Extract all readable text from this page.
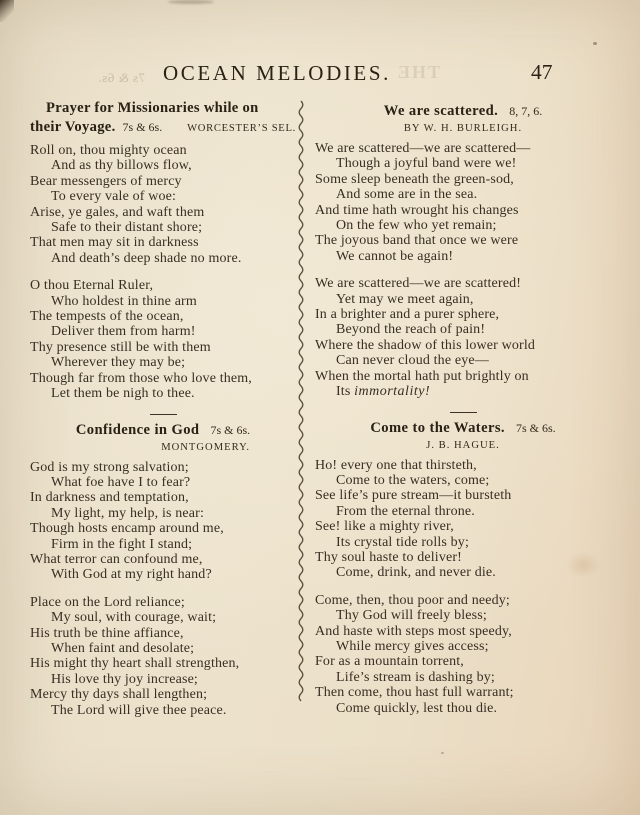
7s & 6s.	THE
OCEAN MELODIES.	47
Prayer for Missionaries while on
their Voyage. 7s & 6s. WORCESTER’S SEL.
Roll on, thou mighty ocean
And as thy billows flow,
Bear messengers of mercy
To every vale of woe:
Arise, ye gales, and waft them
Safe to their distant shore;
That men may sit in darkness
And death’s deep shade no more.
O thou Eternal Ruler,
Who holdest in thine arm
The tempests of the ocean,
Deliver them from harm!
Thy presence still be with them
Wherever they may be;
Though far from those who love them,
Let them be nigh to thee.
Confidence in God 7s & 6s.
MONTGOMERY.
God is my strong salvation;
What foe have I to fear?
In darkness and temptation,
My light, my help, is near:
Though hosts encamp around me,
Firm in the fight I stand;
What terror can confound me,
With God at my right hand?
Place on the Lord reliance;
My soul, with courage, wait;
His truth be thine affiance,
When faint and desolate;
His might thy heart shall strengthen,
His love thy joy increase;
Mercy thy days shall lengthen;
The Lord will give thee peace.
We are scattered. 8, 7, 6.
BY W. H. BURLEIGH.
We are scattered—we are scattered—
Though a joyful band were we!
Some sleep beneath the green-sod,
And some are in the sea.
And time hath wrought his changes
On the few who yet remain;
The joyous band that once we were
We cannot be again!
We are scattered—we are scattered!
Yet may we meet again,
In a brighter and a purer sphere,
Beyond the reach of pain!
Where the shadow of this lower world
Can never cloud the eye—
When the mortal hath put brightly on
Its immortality!
Come to the Waters. 7s & 6s.
J. B. HAGUE.
Ho! every one that thirsteth,
Come to the waters, come;
See life’s pure stream—it bursteth
From the eternal throne.
See! like a mighty river,
Its crystal tide rolls by;
Thy soul haste to deliver!
Come, drink, and never die.
Come, then, thou poor and needy;
Thy God will freely bless;
And haste with steps most speedy,
While mercy gives access;
For as a mountain torrent,
Life’s stream is dashing by;
Then come, thou hast full warrant;
Come quickly, lest thou die.
